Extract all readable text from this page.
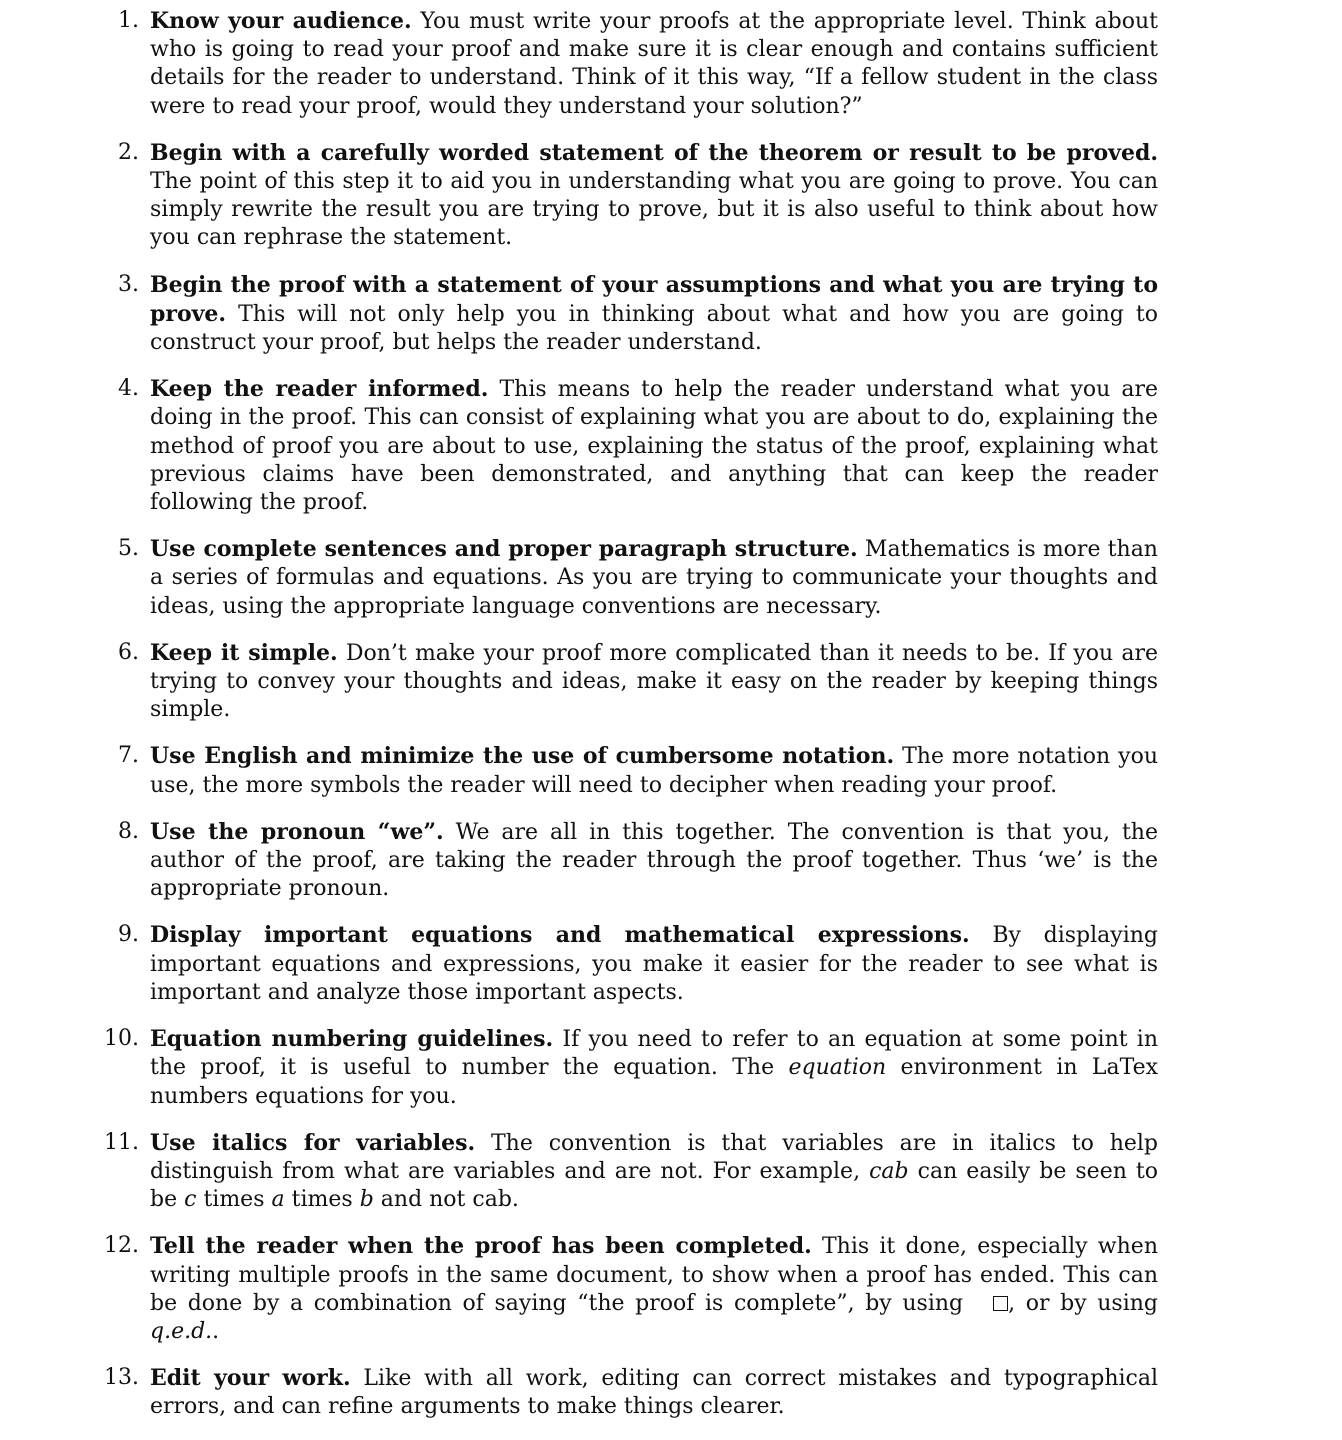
1. Know your audience. You must write your proofs at the appropriate level. Think about who is going to read your proof and make sure it is clear enough and contains sufficient details for the reader to understand. Think of it this way, “If a fellow student in the class were to read your proof, would they understand your solution?”
2. Begin with a carefully worded statement of the theorem or result to be proved. The point of this step it to aid you in understanding what you are going to prove. You can simply rewrite the result you are trying to prove, but it is also useful to think about how you can rephrase the statement.
3. Begin the proof with a statement of your assumptions and what you are trying to prove. This will not only help you in thinking about what and how you are going to construct your proof, but helps the reader understand.
4. Keep the reader informed. This means to help the reader understand what you are doing in the proof. This can consist of explaining what you are about to do, explaining the method of proof you are about to use, explaining the status of the proof, explaining what previous claims have been demonstrated, and anything that can keep the reader following the proof.
5. Use complete sentences and proper paragraph structure. Mathematics is more than a series of formulas and equations. As you are trying to communicate your thoughts and ideas, using the appropriate language conventions are necessary.
6. Keep it simple. Don’t make your proof more complicated than it needs to be. If you are trying to convey your thoughts and ideas, make it easy on the reader by keeping things simple.
7. Use English and minimize the use of cumbersome notation. The more notation you use, the more symbols the reader will need to decipher when reading your proof.
8. Use the pronoun “we”. We are all in this together. The convention is that you, the author of the proof, are taking the reader through the proof together. Thus ‘we’ is the appropriate pronoun.
9. Display important equations and mathematical expressions. By displaying important equations and expressions, you make it easier for the reader to see what is important and analyze those important aspects.
10. Equation numbering guidelines. If you need to refer to an equation at some point in the proof, it is useful to number the equation. The equation environment in LaTex numbers equations for you.
11. Use italics for variables. The convention is that variables are in italics to help distinguish from what are variables and are not. For example, cab can easily be seen to be c times a times b and not cab.
12. Tell the reader when the proof has been completed. This it done, especially when writing multiple proofs in the same document, to show when a proof has ended. This can be done by a combination of saying “the proof is complete”, by using , or by using q.e.d..
13. Edit your work. Like with all work, editing can correct mistakes and typographical errors, and can refine arguments to make things clearer.
